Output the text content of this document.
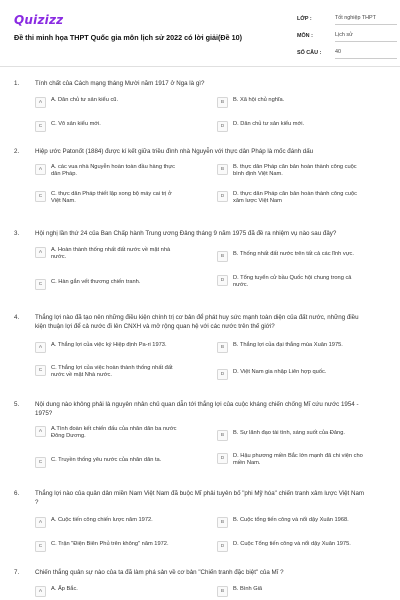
Quizizz
Đề thi minh họa THPT Quốc gia môn lịch sử 2022 có lời giải(Đề 10)
LỚP :	Tốt nghiệp THPT
MÔN :	Lịch sử
SỐ CÂU :	40
1.	Tính chất của Cách mạng tháng Mười năm 1917 ở Nga là gì?
A	A. Dân chủ tư sản kiểu cũ.	B	B. Xã hội chủ nghĩa.
C	C. Vô sản kiểu mới.	D	D. Dân chủ tư sản kiểu mới.
2.	Hiệp ước Patonốt (1884) được kí kết giữa triều đình nhà Nguyễn với thực dân Pháp là mốc đánh dấu
A	A. các vua nhà Nguyễn hoàn toàn đầu hàng thực dân Pháp.
B	B. thực dân Pháp căn bản hoàn thành công cuộc bình định Việt Nam.
C	C. thực dân Pháp thiết lập xong bộ máy cai trị ở Việt Nam.
D	D. thực dân Pháp căn bản hoàn thành công cuộc xâm lược Việt Nam
3.	Hội nghị lần thứ 24 của Ban Chấp hành Trung ương Đảng tháng 9 năm 1975 đã đề ra nhiệm vụ nào sau đây?
A	A. Hoàn thành thống nhất đất nước về mặt nhà nước.	B	B. Thống nhất đất nước trên tất cả các lĩnh vực.
C	C. Hàn gắn vết thương chiến tranh.	D	D. Tổng tuyển cử bầu Quốc hội chung trong cả nước.
4.	Thắng lợi nào đã tạo nên những điều kiện chính trị cơ bản để phát huy sức mạnh toàn diện của đất nước, những điều kiện thuận lợi để cả nước đi lên CNXH và mở rộng quan hệ với các nước trên thế giới?
A	A. Thắng lợi của việc ký Hiệp định Pa-ri 1973.	B	B. Thắng lợi của đại thắng mùa Xuân 1975.
C	C. Thắng lợi của việc hoàn thành thống nhất đất nước về mặt Nhà nước.	D	D. Việt Nam gia nhập Liên hợp quốc.
5.	Nội dung nào không phải là nguyên nhân chủ quan dẫn tới thắng lợi của cuộc kháng chiến chống Mĩ cứu nước 1954 - 1975?
A	A.Tình đoàn kết chiến đấu của nhân dân ba nước Đông Dương.	B	B. Sự lãnh đạo tài tình, sáng suốt của Đảng.
C	C. Truyền thống yêu nước của nhân dân ta.	D	D. Hậu phương miền Bắc lớn mạnh đã chi viện cho miền Nam.
6.	Thắng lợi nào của quân dân miền Nam Việt Nam đã buộc Mĩ phải tuyên bố "phi Mỹ hóa" chiến tranh xâm lược Việt Nam ?
A	A. Cuộc tiến công chiến lược năm 1972.	B	B. Cuộc tổng tiến công và nổi dậy Xuân 1968.
C	C. Trận "Điện Biên Phủ trên không" năm 1972.	D	D. Cuộc Tổng tiến công và nổi dậy Xuân 1975.
7.	Chiến thắng quân sự nào của ta đã làm phá sản về cơ bản "Chiến tranh đặc biệt" của Mĩ ?
A	A. Ấp Bắc.	B	B. Bình Giã
